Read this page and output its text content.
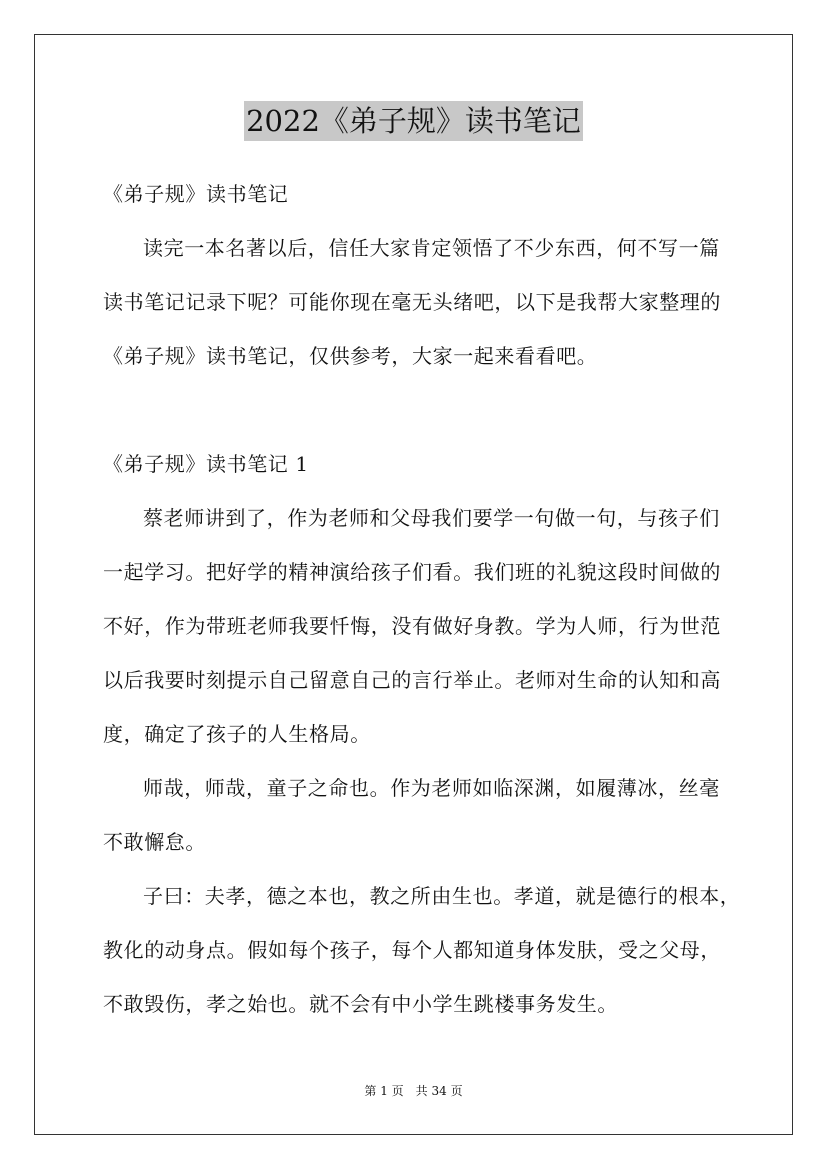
2022《弟子规》读书笔记
《弟子规》读书笔记
读完一本名著以后，信任大家肯定领悟了不少东西，何不写一篇
读书笔记记录下呢？可能你现在毫无头绪吧，以下是我帮大家整理的
《弟子规》读书笔记，仅供参考，大家一起来看看吧。
《弟子规》读书笔记 1
蔡老师讲到了，作为老师和父母我们要学一句做一句，与孩子们
一起学习。把好学的精神演给孩子们看。我们班的礼貌这段时间做的
不好，作为带班老师我要忏悔，没有做好身教。学为人师，行为世范
以后我要时刻提示自己留意自己的言行举止。老师对生命的认知和高
度，确定了孩子的人生格局。
师哉，师哉，童子之命也。作为老师如临深渊，如履薄冰，丝毫
不敢懈怠。
子曰：夫孝，德之本也，教之所由生也。孝道，就是德行的根本，
教化的动身点。假如每个孩子，每个人都知道身体发肤，受之父母，
不敢毁伤，孝之始也。就不会有中小学生跳楼事务发生。
第 1 页　共 34 页
